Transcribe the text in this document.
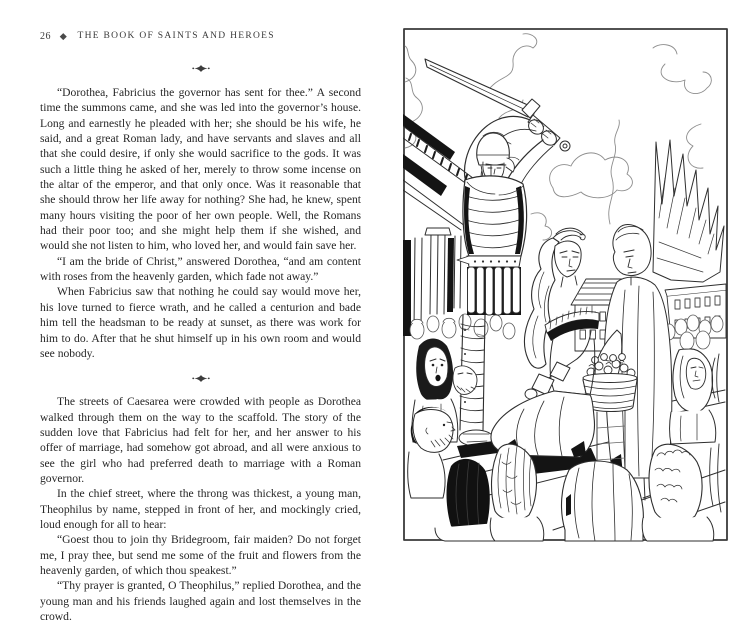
26	THE BOOK OF SAINTS AND HEROES

“Dorothea, Fabricius the governor has sent for thee.” A second time the summons came, and she was led into the governor’s house. Long and earnestly he pleaded with her; she should be his wife, he said, and a great Roman lady, and have servants and slaves and all that she could desire, if only she would sacrifice to the gods. It was such a little thing he asked of her, merely to throw some incense on the altar of the emperor, and that only once. Was it reasonable that she should throw her life away for nothing? She had, he knew, spent many hours visiting the poor of her own people. Well, the Romans had their poor too; and she might help them if she wished, and would she not listen to him, who loved her, and would fain save her.

“I am the bride of Christ,” answered Dorothea, “and am content with roses from the heavenly garden, which fade not away.”

When Fabricius saw that nothing he could say would move her, his love turned to fierce wrath, and he called a centurion and bade him tell the headsman to be ready at sunset, as there was work for him to do. After that he shut himself up in his own room and would see nobody.

The streets of Caesarea were crowded with people as Dorothea walked through them on the way to the scaffold. The story of the sudden love that Fabricius had felt for her, and her answer to his offer of marriage, had somehow got abroad, and all were anxious to see the girl who had preferred death to marriage with a Roman governor.

In the chief street, where the throng was thickest, a young man, Theophilus by name, stepped in front of her, and mockingly cried, loud enough for all to hear:

“Goest thou to join thy Bridegroom, fair maiden? Do not forget me, I pray thee, but send me some of the fruit and flowers from the heavenly garden, of which thou speakest.”

“Thy prayer is granted, O Theophilus,” replied Dorothea, and the young man and his friends laughed again and lost themselves in the crowd.
